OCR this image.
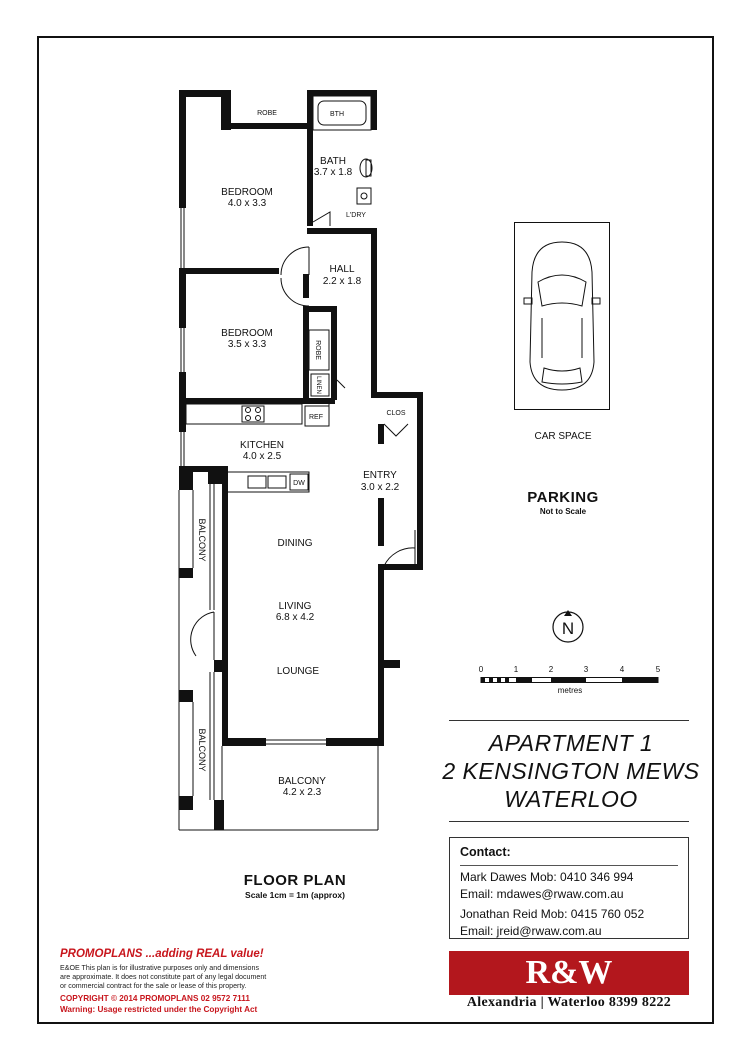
BEDROOM
4.0 x 3.3
BATH
3.7 x 1.8
HALL
2.2 x 1.8
BEDROOM
3.5 x 3.3
KITCHEN
4.0 x 2.5
ENTRY
3.0 x 2.2
DINING
LIVING
6.8 x 4.2
LOUNGE
BALCONY
4.2 x 2.3
BALCONY
BALCONY
ROBE
ROBE
BTH
L'DRY
LINEN
REF
DW
CLOS
CAR SPACE
PARKING
Not to Scale
N
0	1	2	3	4	5
metres
APARTMENT 1
2 KENSINGTON MEWS
WATERLOO
Contact:
Mark Dawes Mob: 0410 346 994
Email: mdawes@rwaw.com.au
Jonathan Reid Mob: 0415 760 052
Email: jreid@rwaw.com.au
R&W
Alexandria | Waterloo 8399 8222
FLOOR PLAN
Scale 1cm = 1m (approx)
PROMOPLANS ...adding REAL value!
E&OE This plan is for illustrative purposes only and dimensions
are approximate. It does not constitute part of any legal document
or commercial contract for the sale or lease of this property.
COPYRIGHT © 2014 PROMOPLANS 02 9572 7111
Warning: Usage restricted under the Copyright Act
